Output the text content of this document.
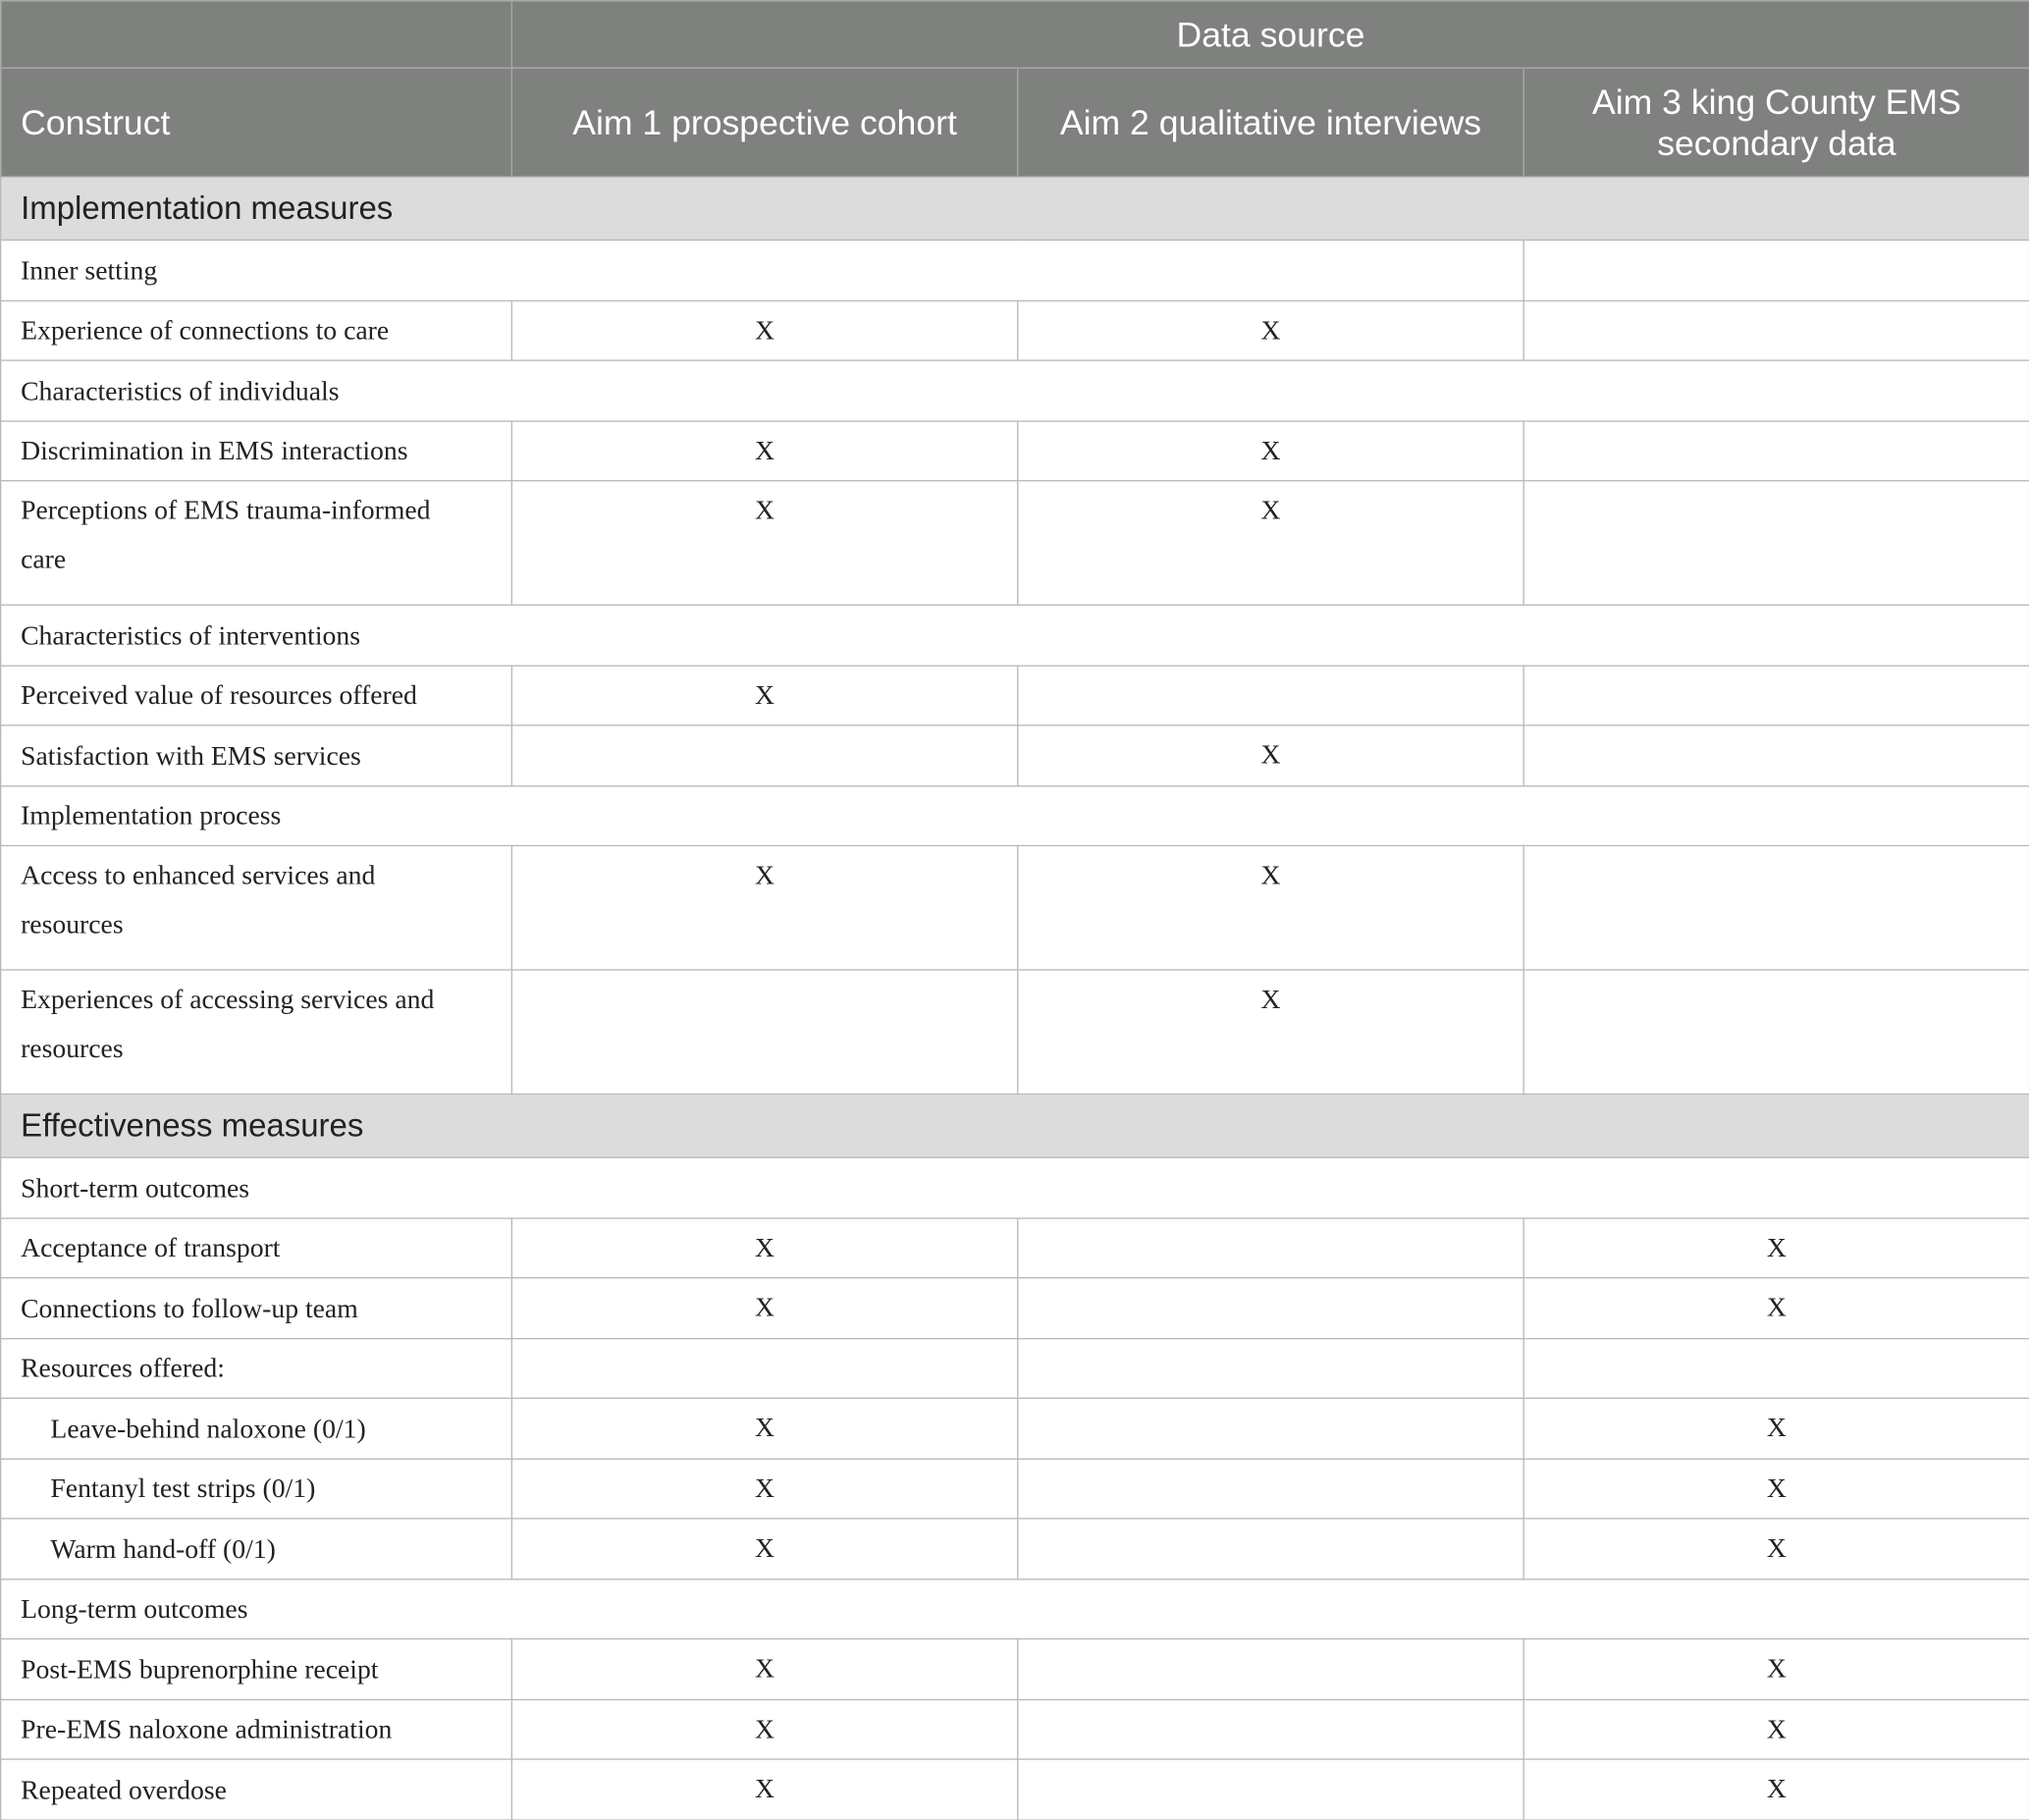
	Data source		
Construct	Aim 1 prospective cohort	Aim 2 qualitative interviews	Aim 3 king County EMS secondary data
Implementation measures			
Inner setting			
Experience of connections to care	X	X	
Characteristics of individuals			
Discrimination in EMS interactions	X	X	
Perceptions of EMS trauma-informed
care	X	X	
Characteristics of interventions			
Perceived value of resources offered	X		
Satisfaction with EMS services		X	
Implementation process			
Access to enhanced services and
resources	X	X	
Experiences of accessing services and
resources		X	
Effectiveness measures			
Short-term outcomes			
Acceptance of transport	X		X
Connections to follow-up team	X		X
Resources offered:			
Leave-behind naloxone (0/1)	X		X
Fentanyl test strips (0/1)	X		X
Warm hand-off (0/1)	X		X
Long-term outcomes			
Post-EMS buprenorphine receipt	X		X
Pre-EMS naloxone administration	X		X
Repeated overdose	X		X
